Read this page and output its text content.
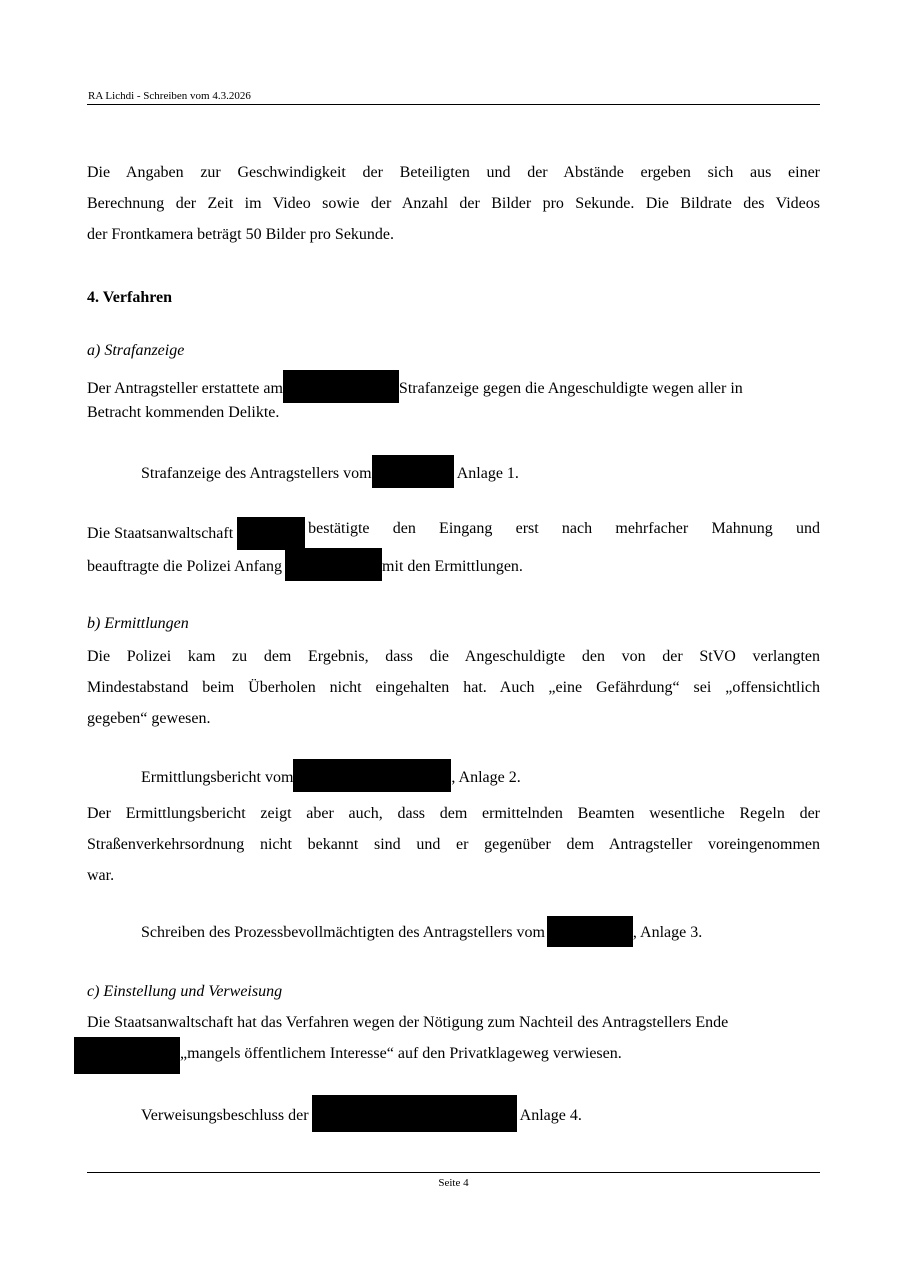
RA Lichdi - Schreiben vom 4.3.2026
Die Angaben zur Geschwindigkeit der Beteiligten und der Abstände ergeben sich aus einer
Berechnung der Zeit im Video sowie der Anzahl der Bilder pro Sekunde. Die Bildrate des Videos
der Frontkamera beträgt 50 Bilder pro Sekunde.
4. Verfahren
a) Strafanzeige
Der Antragsteller erstattete am	Strafanzeige gegen die Angeschuldigte wegen aller in
Betracht kommenden Delikte.
Strafanzeige des Antragstellers vom	Anlage 1.
Die Staatsanwaltschaft	bestätigte den Eingang erst nach mehrfacher Mahnung und
beauftragte die Polizei Anfang	mit den Ermittlungen.
b) Ermittlungen
Die Polizei kam zu dem Ergebnis, dass die Angeschuldigte den von der StVO verlangten
Mindestabstand beim Überholen nicht eingehalten hat. Auch „eine Gefährdung“ sei „offensichtlich
gegeben“ gewesen.
Ermittlungsbericht vom	, Anlage 2.
Der Ermittlungsbericht zeigt aber auch, dass dem ermittelnden Beamten wesentliche Regeln der
Straßenverkehrsordnung nicht bekannt sind und er gegenüber dem Antragsteller voreingenommen
war.
Schreiben des Prozessbevollmächtigten des Antragstellers vom	, Anlage 3.
c) Einstellung und Verweisung
Die Staatsanwaltschaft hat das Verfahren wegen der Nötigung zum Nachteil des Antragstellers Ende
„mangels öffentlichem Interesse“ auf den Privatklageweg verwiesen.
Verweisungsbeschluss der	Anlage 4.
Seite 4
